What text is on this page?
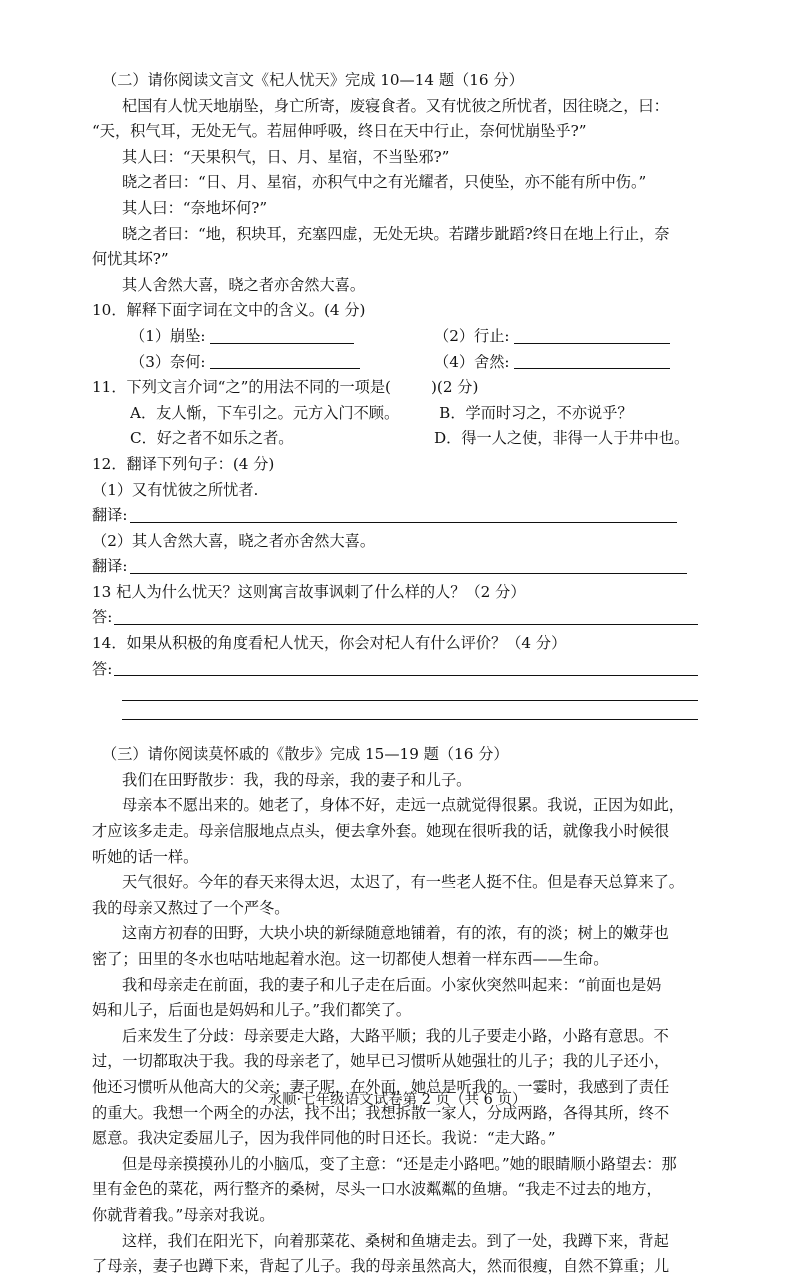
（二）请你阅读文言文《杞人忧天》完成 10—14 题（16 分）
杞国有人忧天地崩坠，身亡所寄，废寝食者。又有忧彼之所忧者，因往晓之，曰：
“天，积气耳，无处无气。若屈伸呼吸，终日在天中行止，奈何忧崩坠乎?”
其人曰：“天果积气，日、月、星宿，不当坠邪?”
晓之者曰：“日、月、星宿，亦积气中之有光耀者，只使坠，亦不能有所中伤。”
其人曰：“奈地坏何?”
晓之者曰：“地，积块耳，充塞四虚，无处无块。若躇步跐蹈?终日在地上行止，奈
何忧其坏?”
其人舍然大喜，晓之者亦舍然大喜。
10．解释下面字词在文中的含义。(4 分)
（1）崩坠:	（2）行止:
（3）奈何:	（4）舍然:
11．下列文言介词“之”的用法不同的一项是(	)(2 分)
A．友人惭，下车引之。元方入门不顾。	B．学而时习之，不亦说乎？
C．好之者不如乐之者。	D．得一人之使，非得一人于井中也。
12．翻译下列句子：(4 分)
（1）又有忧彼之所忧者.
翻译:
（2）其人舍然大喜，晓之者亦舍然大喜。
翻译:
13 杞人为什么忧天？这则寓言故事讽刺了什么样的人？（2 分）
答:
14．如果从积极的角度看杞人忧天，你会对杞人有什么评价？（4 分）
答:
（三）请你阅读莫怀戚的《散步》完成 15—19 题（16 分）
我们在田野散步：我，我的母亲，我的妻子和儿子。
母亲本不愿出来的。她老了，身体不好，走远一点就觉得很累。我说，正因为如此，
才应该多走走。母亲信服地点点头，便去拿外套。她现在很听我的话，就像我小时候很
听她的话一样。
天气很好。今年的春天来得太迟，太迟了，有一些老人挺不住。但是春天总算来了。
我的母亲又熬过了一个严冬。
这南方初春的田野，大块小块的新绿随意地铺着，有的浓，有的淡；树上的嫩芽也
密了；田里的冬水也咕咕地起着水泡。这一切都使人想着一样东西——生命。
我和母亲走在前面，我的妻子和儿子走在后面。小家伙突然叫起来：“前面也是妈
妈和儿子，后面也是妈妈和儿子。”我们都笑了。
后来发生了分歧：母亲要走大路，大路平顺；我的儿子要走小路，小路有意思。不
过，一切都取决于我。我的母亲老了，她早已习惯听从她强壮的儿子；我的儿子还小，
他还习惯听从他高大的父亲；妻子呢，在外面，她总是听我的。一霎时，我感到了责任
的重大。我想一个两全的办法，找不出；我想拆散一家人，分成两路，各得其所，终不
愿意。我决定委屈儿子，因为我伴同他的时日还长。我说：“走大路。”
但是母亲摸摸孙儿的小脑瓜，变了主意：“还是走小路吧。”她的眼睛顺小路望去：那
里有金色的菜花，两行整齐的桑树，尽头一口水波粼粼的鱼塘。“我走不过去的地方，
你就背着我。”母亲对我说。
这样，我们在阳光下，向着那菜花、桑树和鱼塘走去。到了一处，我蹲下来，背起
了母亲，妻子也蹲下来，背起了儿子。我的母亲虽然高大，然而很瘦，自然不算重；儿
永顺·七年级语文试卷第 2 页（共 6 页）
